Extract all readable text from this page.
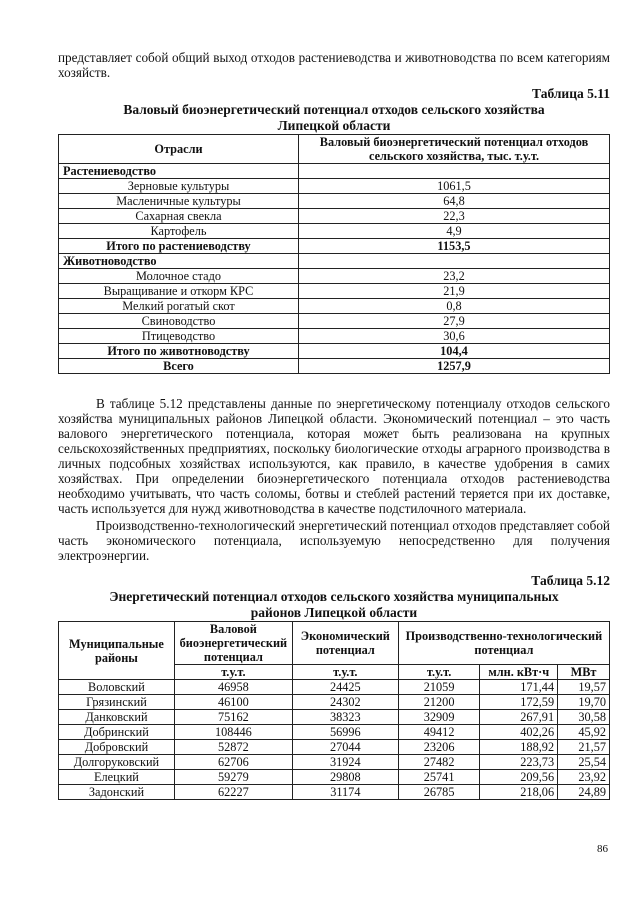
представляет собой общий выход отходов растениеводства и животноводства по всем категориям хозяйств.

Таблица 5.11
Валовый биоэнергетический потенциал отходов сельского хозяйства Липецкой области
Отрасли	Валовый биоэнергетический потенциал отходов сельского хозяйства, тыс. т.у.т.
Растениеводство	
Зерновые культуры	1061,5
Масленичные культуры	64,8
Сахарная свекла	22,3
Картофель	4,9
Итого по растениеводству	1153,5
Животноводство	
Молочное стадо	23,2
Выращивание и откорм КРС	21,9
Мелкий рогатый скот	0,8
Свиноводство	27,9
Птицеводство	30,6
Итого по животноводству	104,4
Всего	1257,9

В таблице 5.12 представлены данные по энергетическому потенциалу отходов сельского хозяйства муниципальных районов Липецкой области. Экономический потенциал – это часть валового энергетического потенциала, которая может быть реализована на крупных сельскохозяйственных предприятиях, поскольку биологические отходы аграрного производства в личных подсобных хозяйствах используются, как правило, в качестве удобрения в самих хозяйствах. При определении биоэнергетического потенциала отходов растениеводства необходимо учитывать, что часть соломы, ботвы и стеблей растений теряется при их доставке, часть используется для нужд животноводства в качестве подстилочного материала.

Производственно-технологический энергетический потенциал отходов представляет собой часть экономического потенциала, используемую непосредственно для получения электроэнергии.

Таблица 5.12
Энергетический потенциал отходов сельского хозяйства муниципальных районов Липецкой области
Муниципальные районы	Валовой биоэнергетический потенциал	Экономический потенциал	Производственно-технологический потенциал		
	т.у.т.	т.у.т.	т.у.т.	млн. кВт·ч	МВт
Воловский	46958	24425	21059	171,44	19,57
Грязинский	46100	24302	21200	172,59	19,70
Данковский	75162	38323	32909	267,91	30,58
Добринский	108446	56996	49412	402,26	45,92
Добровский	52872	27044	23206	188,92	21,57
Долгоруковский	62706	31924	27482	223,73	25,54
Елецкий	59279	29808	25741	209,56	23,92
Задонский	62227	31174	26785	218,06	24,89
86
